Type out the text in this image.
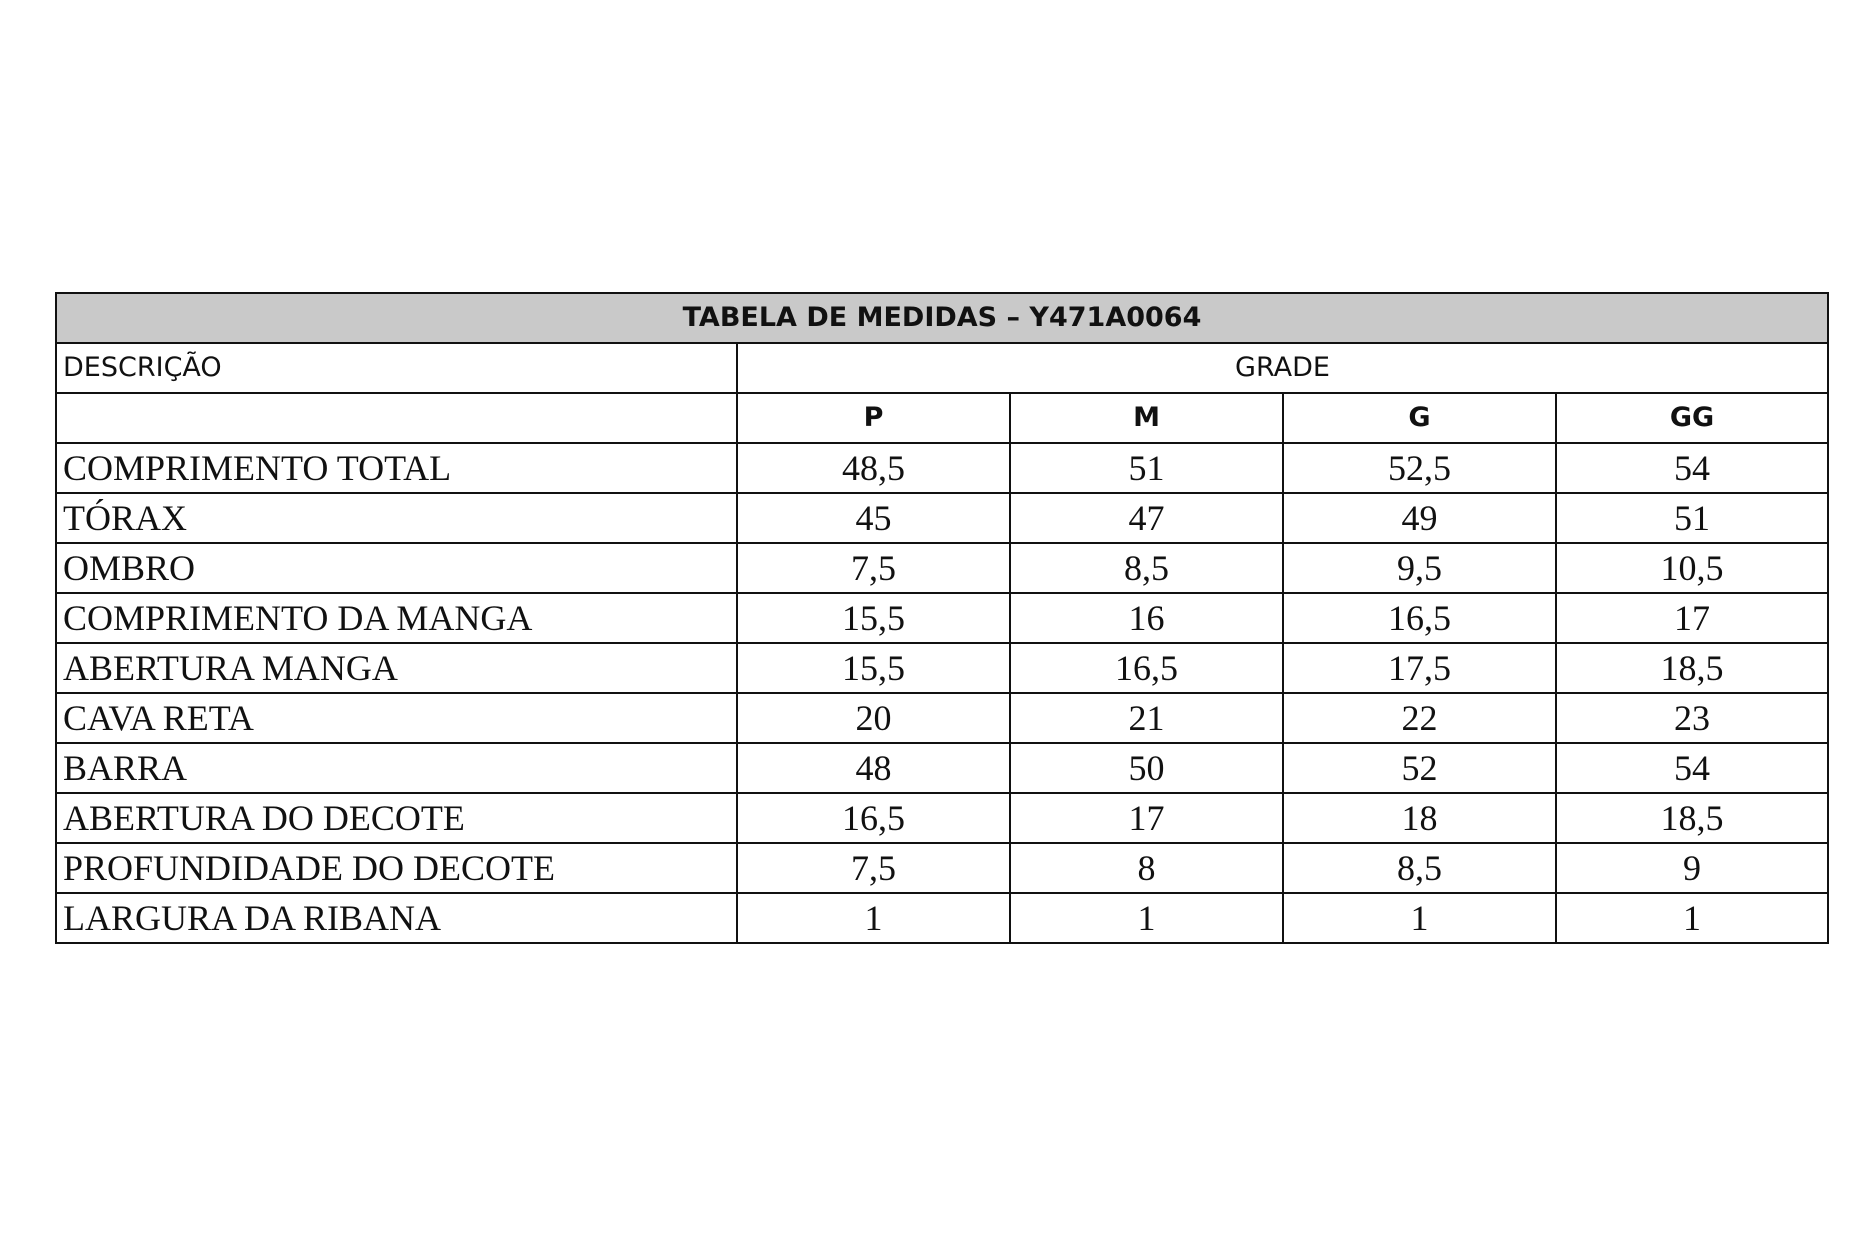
TABELA DE MEDIDAS – Y471A0064				
DESCRIÇÃO	GRADE			
	P	M	G	GG
COMPRIMENTO TOTAL	48,5	51	52,5	54
TÓRAX	45	47	49	51
OMBRO	7,5	8,5	9,5	10,5
COMPRIMENTO DA MANGA	15,5	16	16,5	17
ABERTURA MANGA	15,5	16,5	17,5	18,5
CAVA RETA	20	21	22	23
BARRA	48	50	52	54
ABERTURA DO DECOTE	16,5	17	18	18,5
PROFUNDIDADE DO DECOTE	7,5	8	8,5	9
LARGURA DA RIBANA	1	1	1	1
